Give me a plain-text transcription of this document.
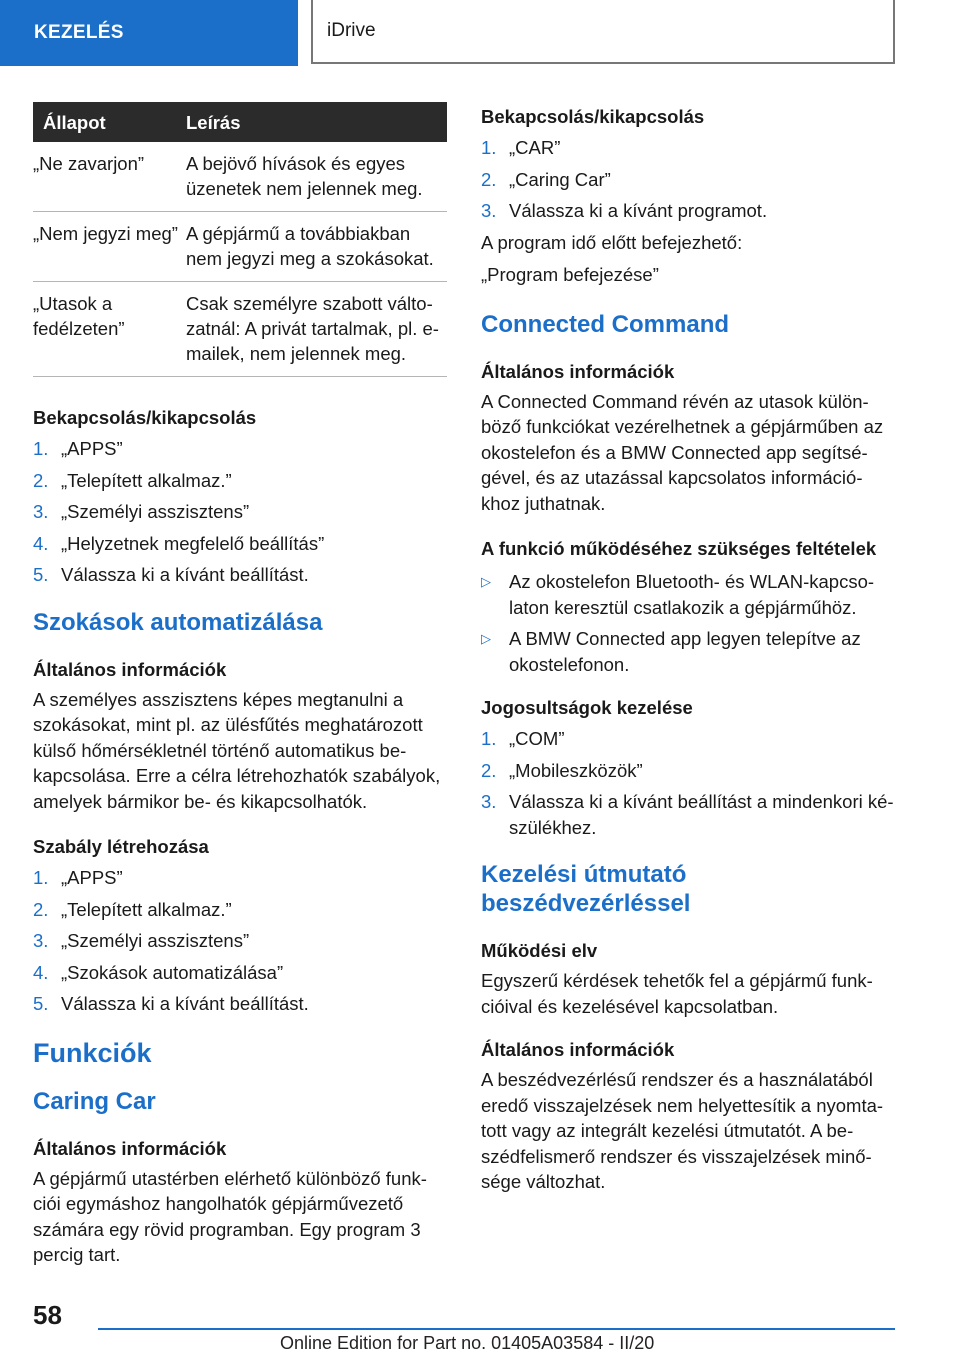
KEZELÉS	iDrive
Állapot	Leírás
„Ne zavarjon”	A bejövő hívások és egyes üzenetek nem jelennek meg.
„Nem jegyzi meg”	A gépjármű a továbbiakban nem jegyzi meg a szokásokat.
„Utasok a fedélzeten”	Csak személyre szabott válto-zatnál: A privát tartalmak, pl. e-mailek, nem jelennek meg.

Bekapcsolás/kikapcsolás

1. „APPS”
2. „Telepített alkalmaz.”
3. „Személyi asszisztens”
4. „Helyzetnek megfelelő beállítás”
5. Válassza ki a kívánt beállítást.

Szokások automatizálása

Általános információk

A személyes asszisztens képes megtanulni a szokásokat, mint pl. az ülésfűtés meghatározott külső hőmérsékletnél történő automatikus be-kapcsolása. Erre a célra létrehozhatók szabályok, amelyek bármikor be- és kikapcsolhatók.

Szabály létrehozása

1. „APPS”
2. „Telepített alkalmaz.”
3. „Személyi asszisztens”
4. „Szokások automatizálása”
5. Válassza ki a kívánt beállítást.

Funkciók

Caring Car

Általános információk

A gépjármű utastérben elérhető különböző funk-ciói egymáshoz hangolhatók gépjárművezető számára egy rövid programban. Egy program 3 percig tart.

Bekapcsolás/kikapcsolás

1. „CAR”
2. „Caring Car”
3. Válassza ki a kívánt programot.

A program idő előtt befejezhető:

„Program befejezése”

Connected Command

Általános információk

A Connected Command révén az utasok külön-böző funkciókat vezérelhetnek a gépjárműben az okostelefon és a BMW Connected app segítsé-gével, és az utazással kapcsolatos információ-khoz juthatnak.

A funkció működéséhez szükséges feltételek

▷ Az okostelefon Bluetooth- és WLAN-kapcso-laton keresztül csatlakozik a gépjárműhöz.
▷ A BMW Connected app legyen telepítve az okostelefonon.

Jogosultságok kezelése

1. „COM”
2. „Mobileszközök”
3. Válassza ki a kívánt beállítást a mindenkori ké-szülékhez.

Kezelési útmutató beszédvezérléssel

Működési elv

Egyszerű kérdések tehetők fel a gépjármű funk-cióival és kezelésével kapcsolatban.

Általános információk

A beszédvezérlésű rendszer és a használatából eredő visszajelzések nem helyettesítik a nyomta-tott vagy az integrált kezelési útmutatót. A be-szédfelismerő rendszer és visszajelzések minő-sége változhat.

58
Online Edition for Part no. 01405A03584 - II/20
